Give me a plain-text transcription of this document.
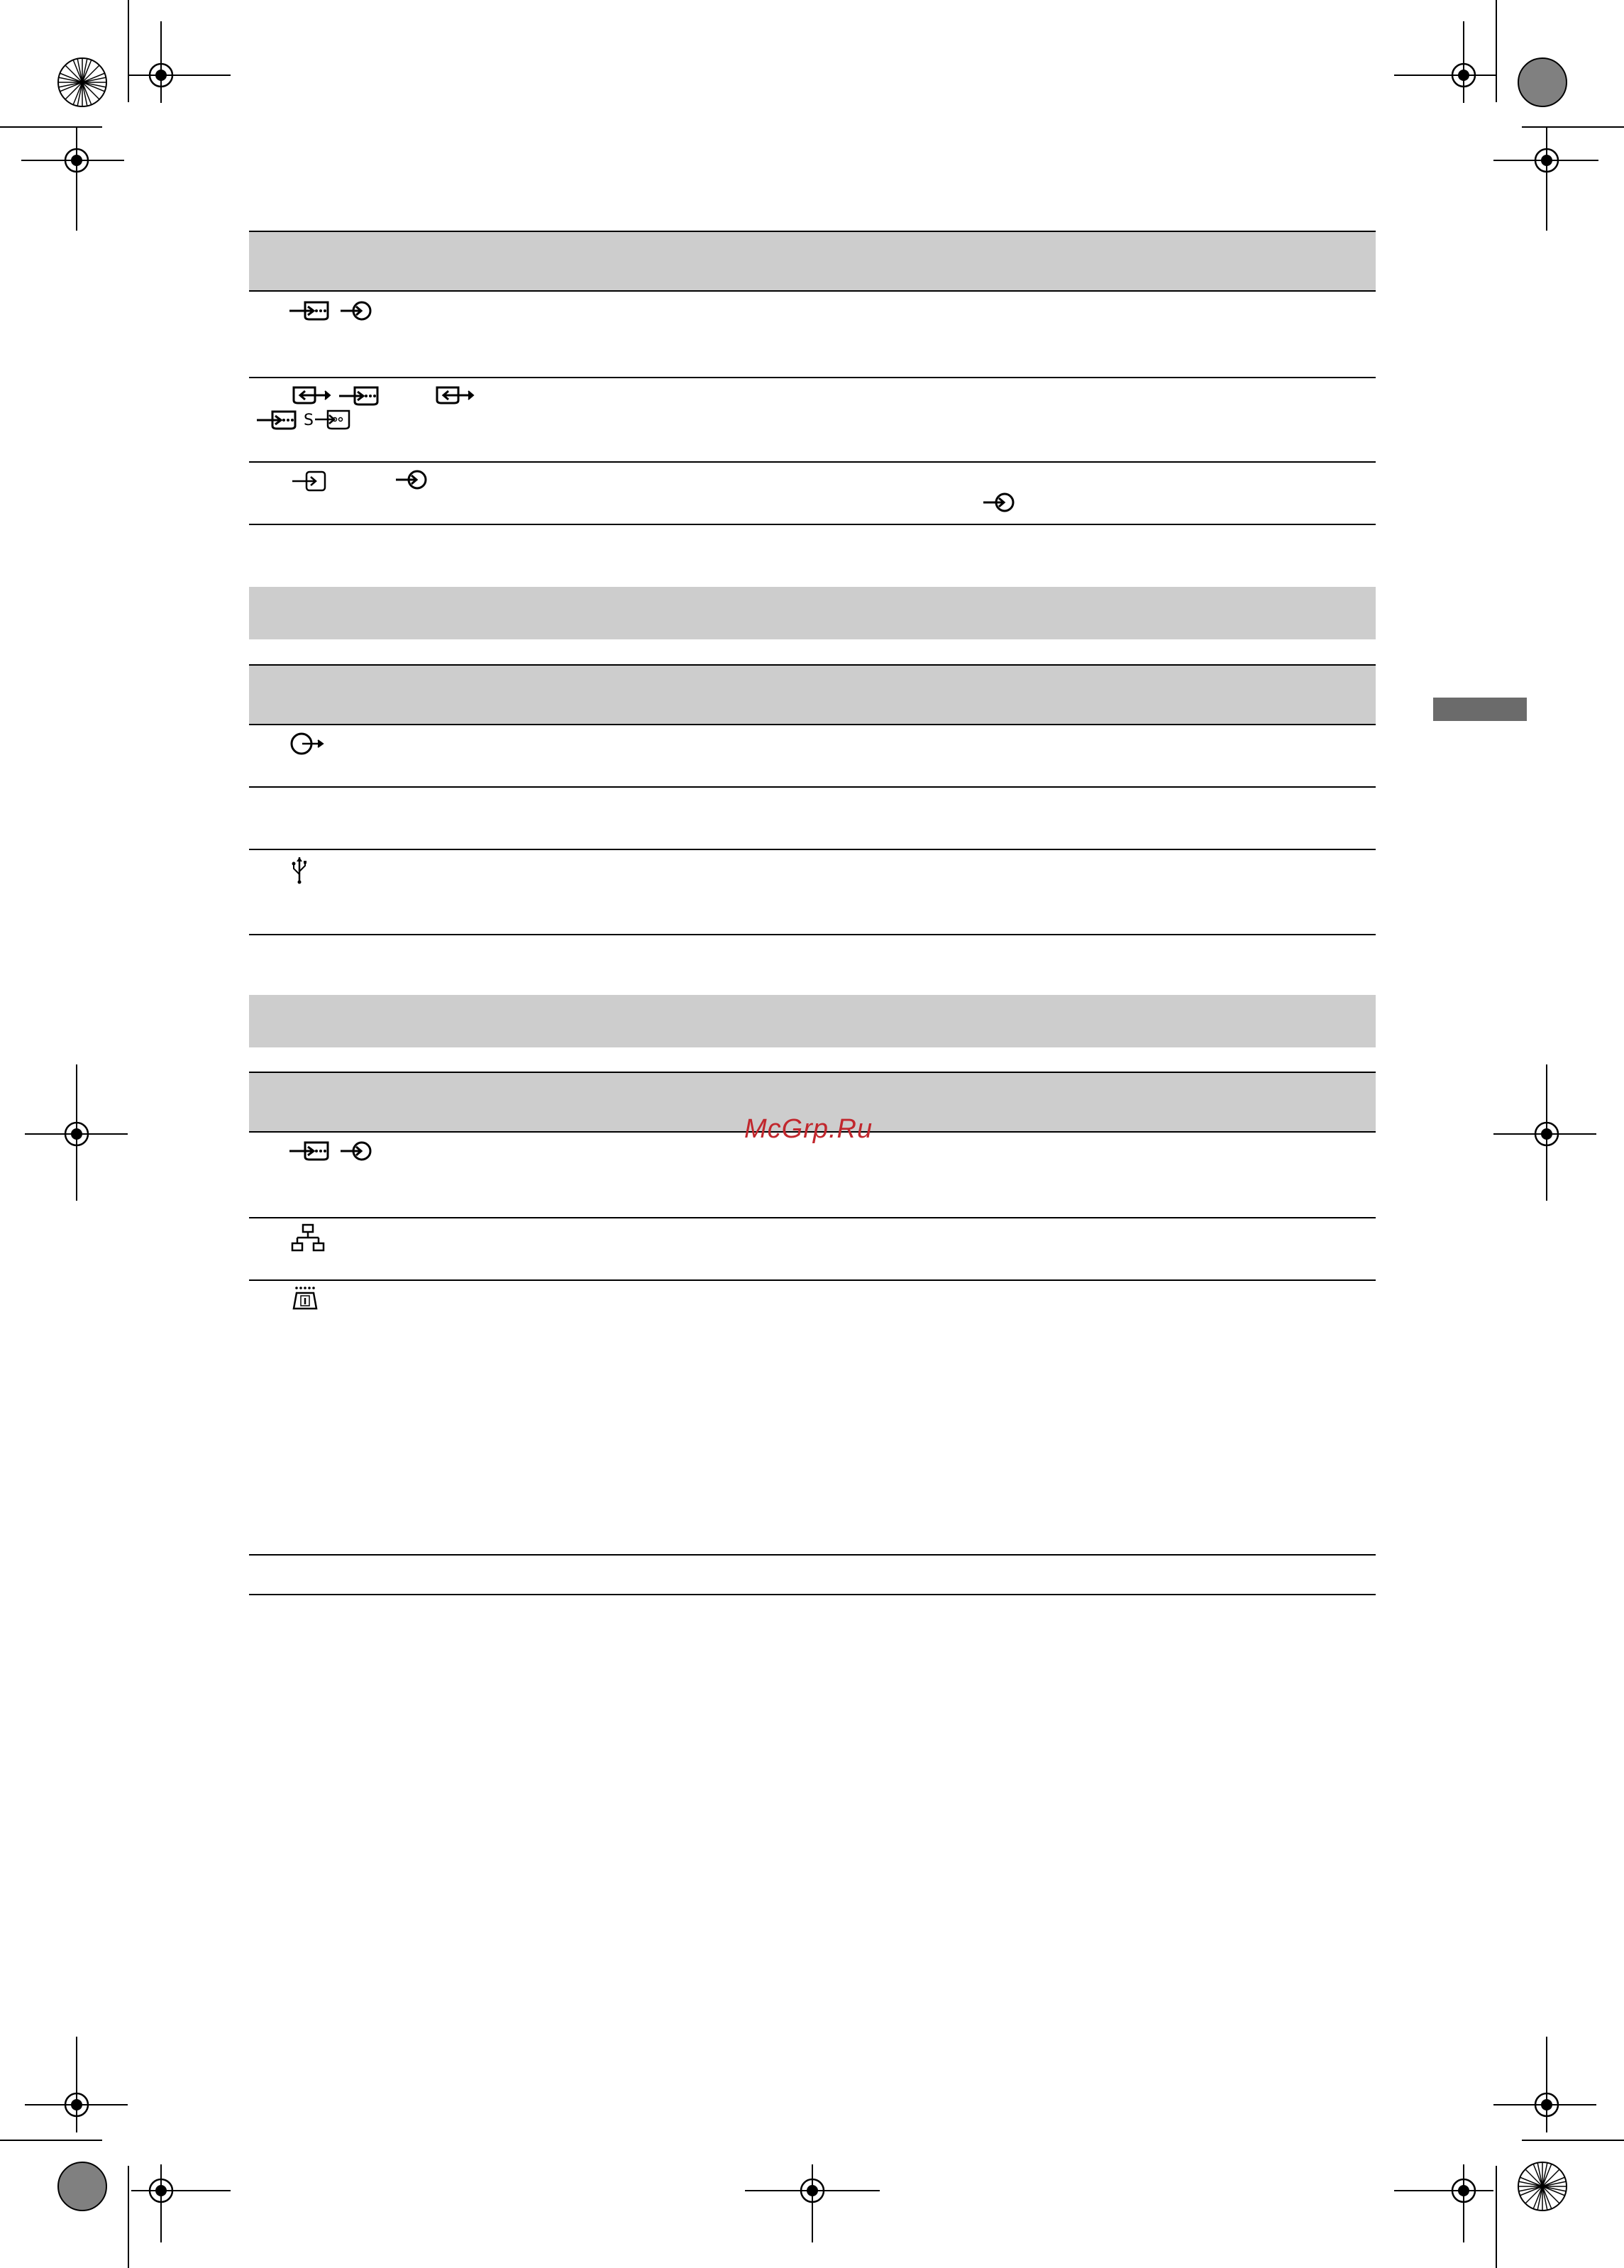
S
McGrp.Ru
